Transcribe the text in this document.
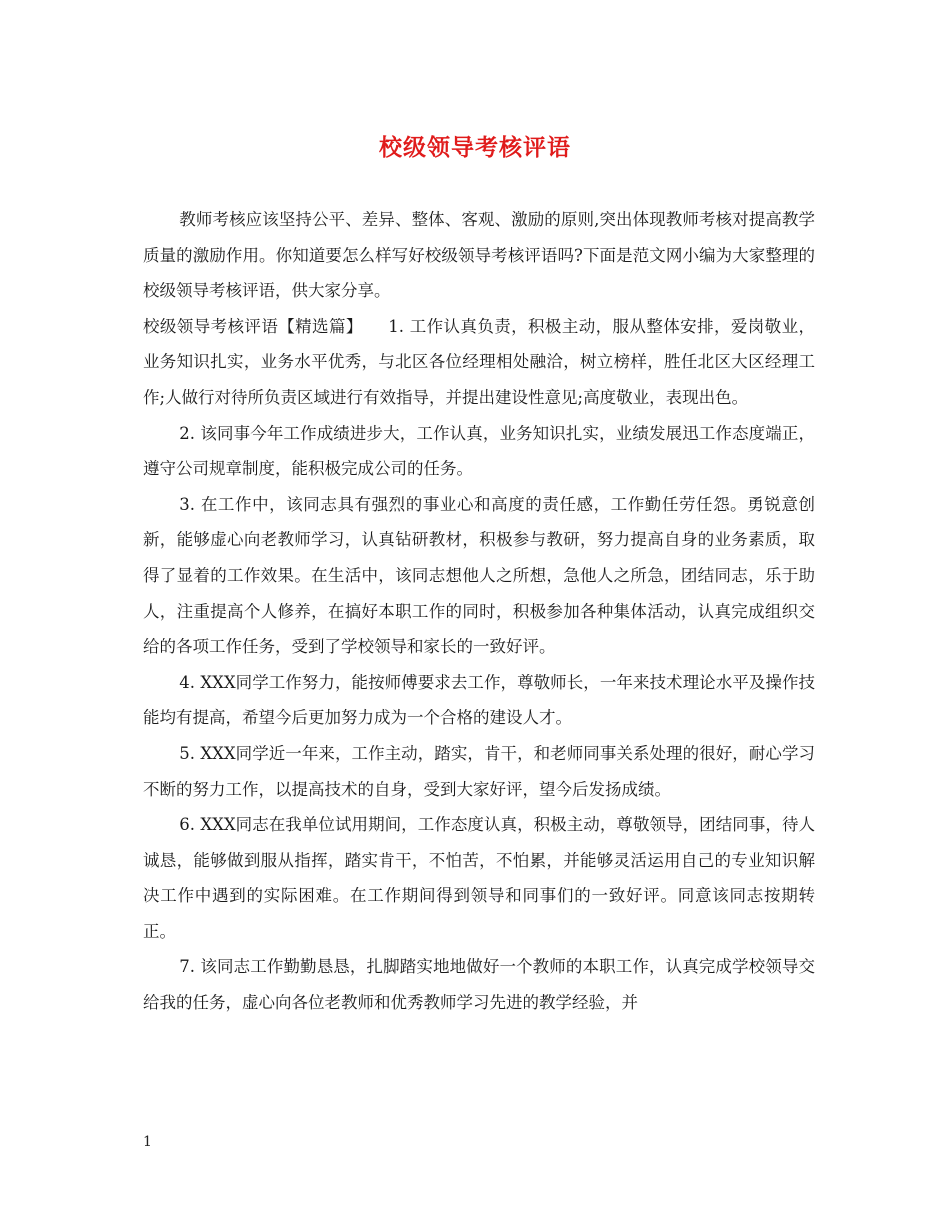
校级领导考核评语

教师考核应该坚持公平、差异、整体、客观、激励的原则,突出体现教师考核对提高教学质量的激励作用。你知道要怎么样写好校级领导考核评语吗?下面是范文网小编为大家整理的校级领导考核评语，供大家分享。

校级领导考核评语【精选篇】　　1. 工作认真负责，积极主动，服从整体安排，爱岗敬业，业务知识扎实，业务水平优秀，与北区各位经理相处融洽，树立榜样，胜任北区大区经理工作;人做行对待所负责区域进行有效指导，并提出建设性意见;高度敬业，表现出色。

2. 该同事今年工作成绩进步大，工作认真，业务知识扎实，业绩发展迅工作态度端正，遵守公司规章制度，能积极完成公司的任务。

3. 在工作中，该同志具有强烈的事业心和高度的责任感，工作勤任劳任怨。勇锐意创新，能够虚心向老教师学习，认真钻研教材，积极参与教研，努力提高自身的业务素质，取得了显着的工作效果。在生活中，该同志想他人之所想，急他人之所急，团结同志，乐于助人，注重提高个人修养，在搞好本职工作的同时，积极参加各种集体活动，认真完成组织交给的各项工作任务，受到了学校领导和家长的一致好评。

4. XXX同学工作努力，能按师傅要求去工作，尊敬师长，一年来技术理论水平及操作技能均有提高，希望今后更加努力成为一个合格的建设人才。

5. XXX同学近一年来，工作主动，踏实，肯干，和老师同事关系处理的很好，耐心学习不断的努力工作，以提高技术的自身，受到大家好评，望今后发扬成绩。

6. XXX同志在我单位试用期间，工作态度认真，积极主动，尊敬领导，团结同事，待人诚恳，能够做到服从指挥，踏实肯干，不怕苦，不怕累，并能够灵活运用自己的专业知识解决工作中遇到的实际困难。在工作期间得到领导和同事们的一致好评。同意该同志按期转正。

7. 该同志工作勤勤恳恳，扎脚踏实地地做好一个教师的本职工作，认真完成学校领导交给我的任务，虚心向各位老教师和优秀教师学习先进的教学经验，并

1
